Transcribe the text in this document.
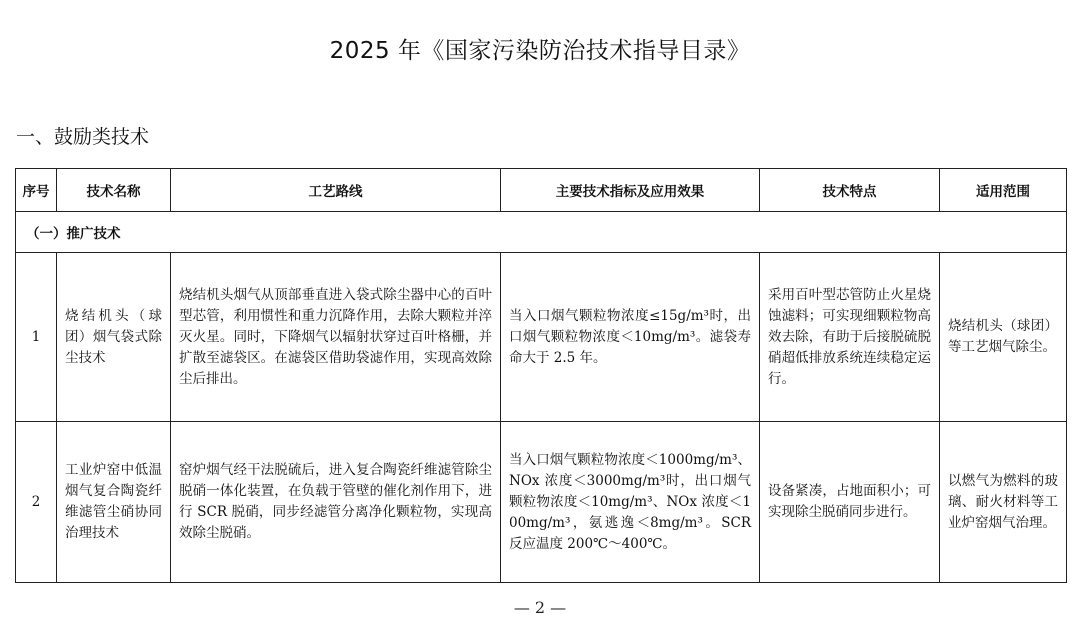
2025 年《国家污染防治技术指导目录》
一、鼓励类技术
序号	技术名称	工艺路线	主要技术指标及应用效果	技术特点	适用范围
（一）推广技术					
1	烧结机头（球团）烟气袋式除尘技术	烧结机头烟气从顶部垂直进入袋式除尘器中心的百叶型芯管，利用惯性和重力沉降作用，去除大颗粒并淬灭火星。同时，下降烟气以辐射状穿过百叶格栅，并扩散至滤袋区。在滤袋区借助袋滤作用，实现高效除尘后排出。	当入口烟气颗粒物浓度≤15g/m³时，出口烟气颗粒物浓度＜10mg/m³。滤袋寿命大于 2.5 年。	采用百叶型芯管防止火星烧蚀滤料；可实现细颗粒物高效去除，有助于后接脱硫脱硝超低排放系统连续稳定运行。	烧结机头（球团）等工艺烟气除尘。
2	工业炉窑中低温烟气复合陶瓷纤维滤管尘硝协同治理技术	窑炉烟气经干法脱硫后，进入复合陶瓷纤维滤管除尘脱硝一体化装置，在负载于管壁的催化剂作用下，进行 SCR 脱硝，同步经滤管分离净化颗粒物，实现高效除尘脱硝。	当入口烟气颗粒物浓度＜1000mg/m³、NOx 浓度＜3000mg/m³时，出口烟气颗粒物浓度＜10mg/m³、NOx 浓度＜100mg/m³，氨逃逸＜8mg/m³。SCR 反应温度 200℃～400℃。	设备紧凑，占地面积小；可实现除尘脱硝同步进行。	以燃气为燃料的玻璃、耐火材料等工业炉窑烟气治理。
— 2 —
